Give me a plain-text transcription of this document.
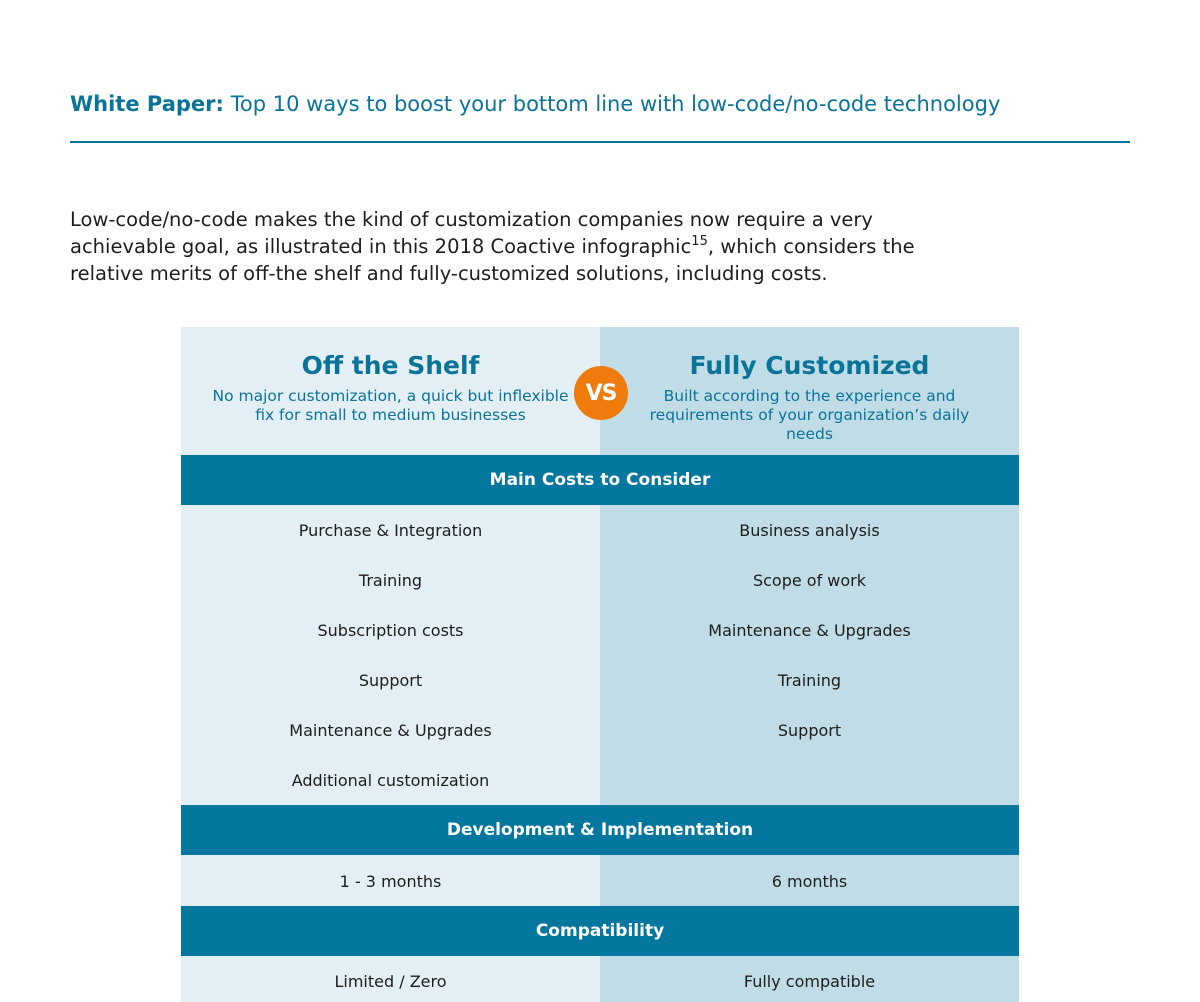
White Paper: Top 10 ways to boost your bottom line with low-code/no-code technology

Low-code/no-code makes the kind of customization companies now require a very achievable goal, as illustrated in this 2018 Coactive infographic$^{15}$, which considers the relative merits of off-the shelf and fully-customized solutions, including costs.

Off the Shelf
No major customization, a quick but inflexible fix for small to medium businesses
Fully Customized
Built according to the experience and requirements of your organization’s daily needs
VS
Main Costs to Consider
Purchase & Integration
Training
Subscription costs
Support
Maintenance & Upgrades
Additional customization
Business analysis
Scope of work
Maintenance & Upgrades
Training
Support
Development & Implementation
1 - 3 months	6 months
Compatibility
Limited / Zero	Fully compatible
